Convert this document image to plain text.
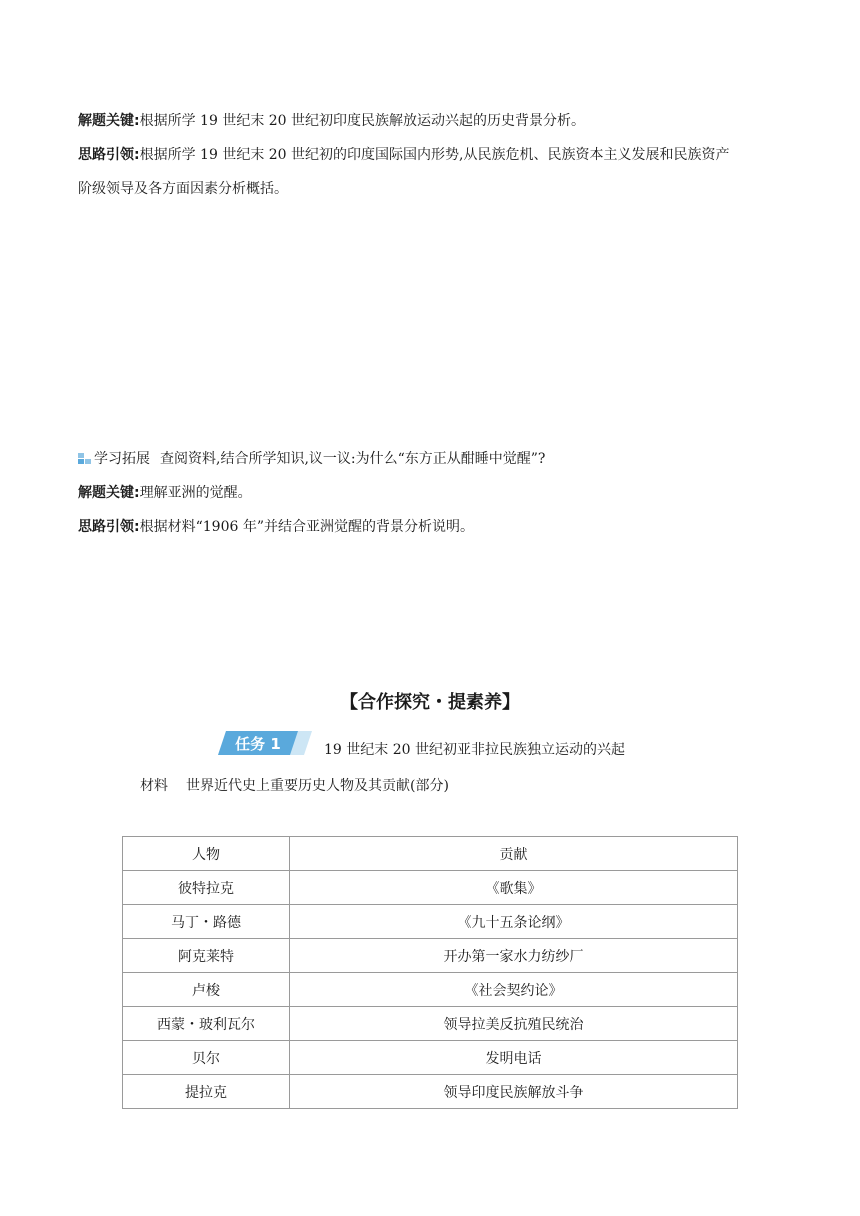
解题关键:根据所学 19 世纪末 20 世纪初印度民族解放运动兴起的历史背景分析。
思路引领:根据所学 19 世纪末 20 世纪初的印度国际国内形势,从民族危机、民族资本主义发展和民族资产
阶级领导及各方面因素分析概括。
学习拓展 查阅资料,结合所学知识,议一议:为什么“东方正从酣睡中觉醒”?
解题关键:理解亚洲的觉醒。
思路引领:根据材料“1906 年”并结合亚洲觉醒的背景分析说明。
【合作探究・提素养】
任务 1	19 世纪末 20 世纪初亚非拉民族独立运动的兴起
材料 世界近代史上重要历史人物及其贡献(部分)
人物	贡献
彼特拉克	《歌集》
马丁・路德	《九十五条论纲》
阿克莱特	开办第一家水力纺纱厂
卢梭	《社会契约论》
西蒙・玻利瓦尔	领导拉美反抗殖民统治
贝尔	发明电话
提拉克	领导印度民族解放斗争
